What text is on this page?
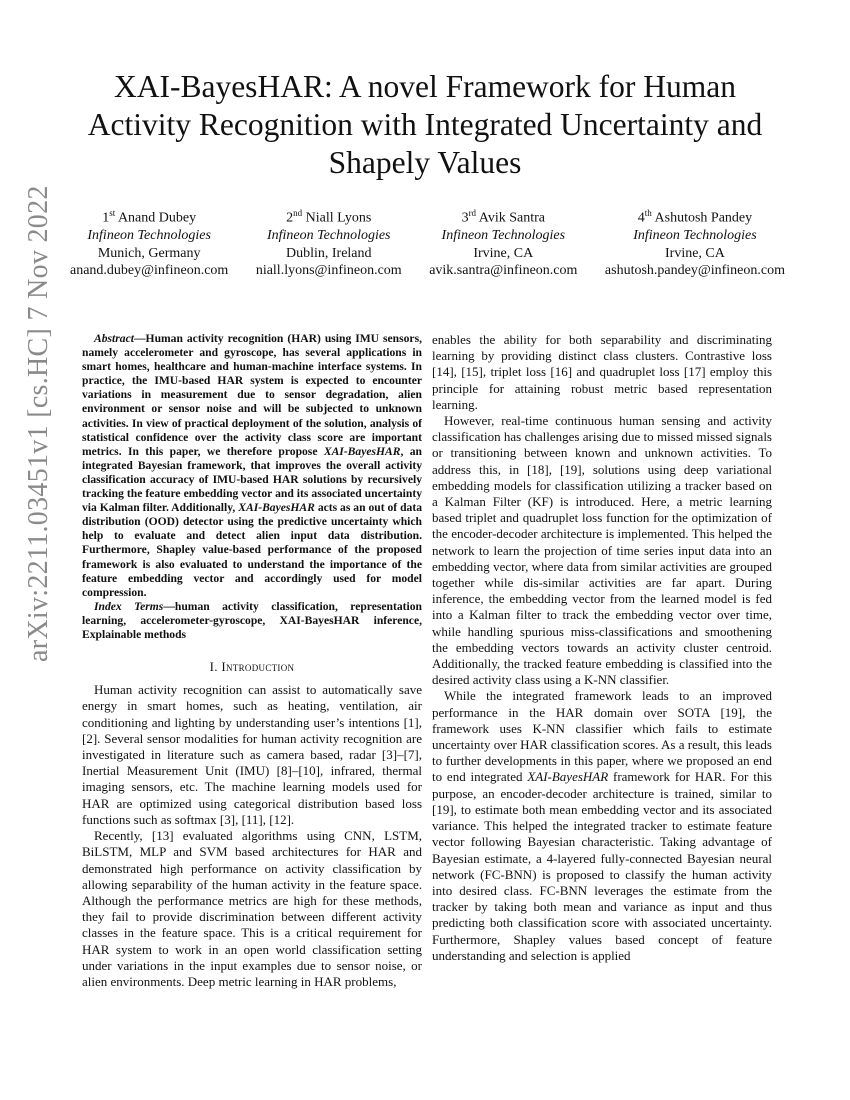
arXiv:2211.03451v1 [cs.HC] 7 Nov 2022
XAI-BayesHAR: A novel Framework for Human Activity Recognition with Integrated Uncertainty and Shapely Values
1st Anand Dubey
Infineon Technologies
Munich, Germany
anand.dubey@infineon.com
2nd Niall Lyons
Infineon Technologies
Dublin, Ireland
niall.lyons@infineon.com
3rd Avik Santra
Infineon Technologies
Irvine, CA
avik.santra@infineon.com
4th Ashutosh Pandey
Infineon Technologies
Irvine, CA
ashutosh.pandey@infineon.com

Abstract—Human activity recognition (HAR) using IMU sensors, namely accelerometer and gyroscope, has several applications in smart homes, healthcare and human-machine interface systems. In practice, the IMU-based HAR system is expected to encounter variations in measurement due to sensor degradation, alien environment or sensor noise and will be subjected to unknown activities. In view of practical deployment of the solution, analysis of statistical confidence over the activity class score are important metrics. In this paper, we therefore propose XAI-BayesHAR, an integrated Bayesian framework, that improves the overall activity classification accuracy of IMU-based HAR solutions by recursively tracking the feature embedding vector and its associated uncertainty via Kalman filter. Additionally, XAI-BayesHAR acts as an out of data distribution (OOD) detector using the predictive uncertainty which help to evaluate and detect alien input data distribution. Furthermore, Shapley value-based performance of the proposed framework is also evaluated to understand the importance of the feature embedding vector and accordingly used for model compression.

Index Terms—human activity classification, representation learning, accelerometer-gyroscope, XAI-BayesHAR inference, Explainable methods

I. Introduction

Human activity recognition can assist to automatically save energy in smart homes, such as heating, ventilation, air conditioning and lighting by understanding user’s intentions [1], [2]. Several sensor modalities for human activity recognition are investigated in literature such as camera based, radar [3]–[7], Inertial Measurement Unit (IMU) [8]–[10], infrared, thermal imaging sensors, etc. The machine learning models used for HAR are optimized using categorical distribution based loss functions such as softmax [3], [11], [12].

Recently, [13] evaluated algorithms using CNN, LSTM, BiLSTM, MLP and SVM based architectures for HAR and demonstrated high performance on activity classification by allowing separability of the human activity in the feature space. Although the performance metrics are high for these methods, they fail to provide discrimination between different activity classes in the feature space. This is a critical requirement for HAR system to work in an open world classification setting under variations in the input examples due to sensor noise, or alien environments. Deep metric learning in HAR problems,

enables the ability for both separability and discriminating learning by providing distinct class clusters. Contrastive loss [14], [15], triplet loss [16] and quadruplet loss [17] employ this principle for attaining robust metric based representation learning.

However, real-time continuous human sensing and activity classification has challenges arising due to missed missed signals or transitioning between known and unknown activities. To address this, in [18], [19], solutions using deep variational embedding models for classification utilizing a tracker based on a Kalman Filter (KF) is introduced. Here, a metric learning based triplet and quadruplet loss function for the optimization of the encoder-decoder architecture is implemented. This helped the network to learn the projection of time series input data into an embedding vector, where data from similar activities are grouped together while dis-similar activities are far apart. During inference, the embedding vector from the learned model is fed into a Kalman filter to track the embedding vector over time, while handling spurious miss-classifications and smoothening the embedding vectors towards an activity cluster centroid. Additionally, the tracked feature embedding is classified into the desired activity class using a K-NN classifier.

While the integrated framework leads to an improved performance in the HAR domain over SOTA [19], the framework uses K-NN classifier which fails to estimate uncertainty over HAR classification scores. As a result, this leads to further developments in this paper, where we proposed an end to end integrated XAI-BayesHAR framework for HAR. For this purpose, an encoder-decoder architecture is trained, similar to [19], to estimate both mean embedding vector and its associated variance. This helped the integrated tracker to estimate feature vector following Bayesian characteristic. Taking advantage of Bayesian estimate, a 4-layered fully-connected Bayesian neural network (FC-BNN) is proposed to classify the human activity into desired class. FC-BNN leverages the estimate from the tracker by taking both mean and variance as input and thus predicting both classification score with associated uncertainty. Furthermore, Shapley values based concept of feature understanding and selection is applied
